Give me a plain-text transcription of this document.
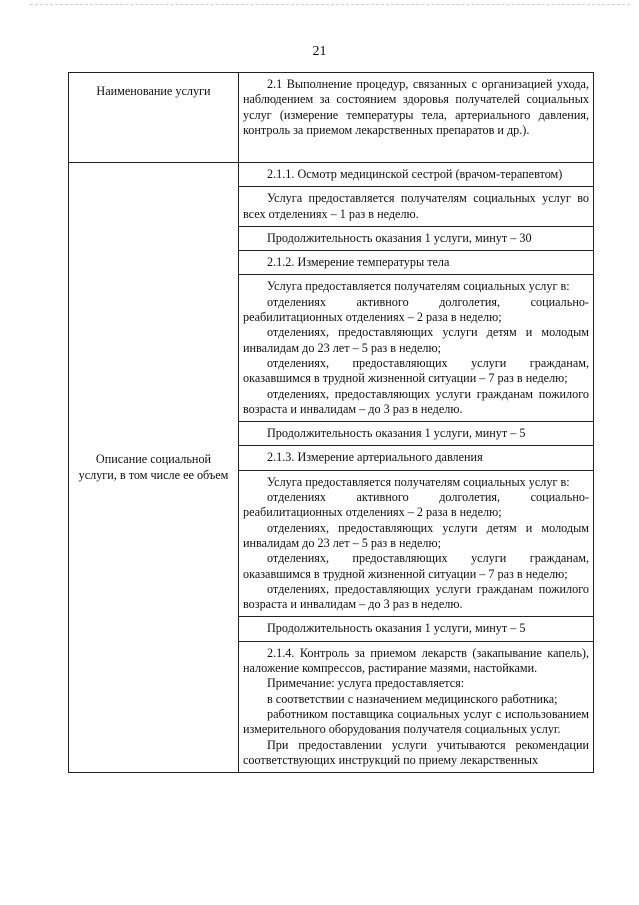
21
Наименование услуги	2.1 Выполнение процедур, связанных с организацией ухода, наблюдением за состоянием здоровья получателей социальных услуг (измерение температуры тела, артериального давления, контроль за приемом лекарственных препаратов и др.).

Описание социальной услуги, в том числе ее объем	2.1.1. Осмотр медицинской сестрой (врачом-терапевтом)

	Услуга предоставляется получателям социальных услуг во всех отделениях – 1 раз в неделю.

	Продолжительность оказания 1 услуги, минут – 30

	2.1.2. Измерение температуры тела

	Услуга предоставляется получателям социальных услуг в:
отделениях активного долголетия, социально-реабилитационных отделениях – 2 раза в неделю;
отделениях, предоставляющих услуги детям и молодым инвалидам до 23 лет – 5 раз в неделю;
отделениях, предоставляющих услуги гражданам, оказавшимся в трудной жизненной ситуации – 7 раз в неделю;
отделениях, предоставляющих услуги гражданам пожилого возраста и инвалидам – до 3 раз в неделю.

	Продолжительность оказания 1 услуги, минут – 5

	2.1.3. Измерение артериального давления

	Услуга предоставляется получателям социальных услуг в:
отделениях активного долголетия, социально-реабилитационных отделениях – 2 раза в неделю;
отделениях, предоставляющих услуги детям и молодым инвалидам до 23 лет – 5 раз в неделю;
отделениях, предоставляющих услуги гражданам, оказавшимся в трудной жизненной ситуации – 7 раз в неделю;
отделениях, предоставляющих услуги гражданам пожилого возраста и инвалидам – до 3 раз в неделю.

	Продолжительность оказания 1 услуги, минут – 5

	2.1.4. Контроль за приемом лекарств (закапывание капель), наложение компрессов, растирание мазями, настойками.
Примечание: услуга предоставляется:
в соответствии с назначением медицинского работника;
работником поставщика социальных услуг с использованием измерительного оборудования получателя социальных услуг.
При предоставлении услуги учитываются рекомендации соответствующих инструкций по приему лекарственных
